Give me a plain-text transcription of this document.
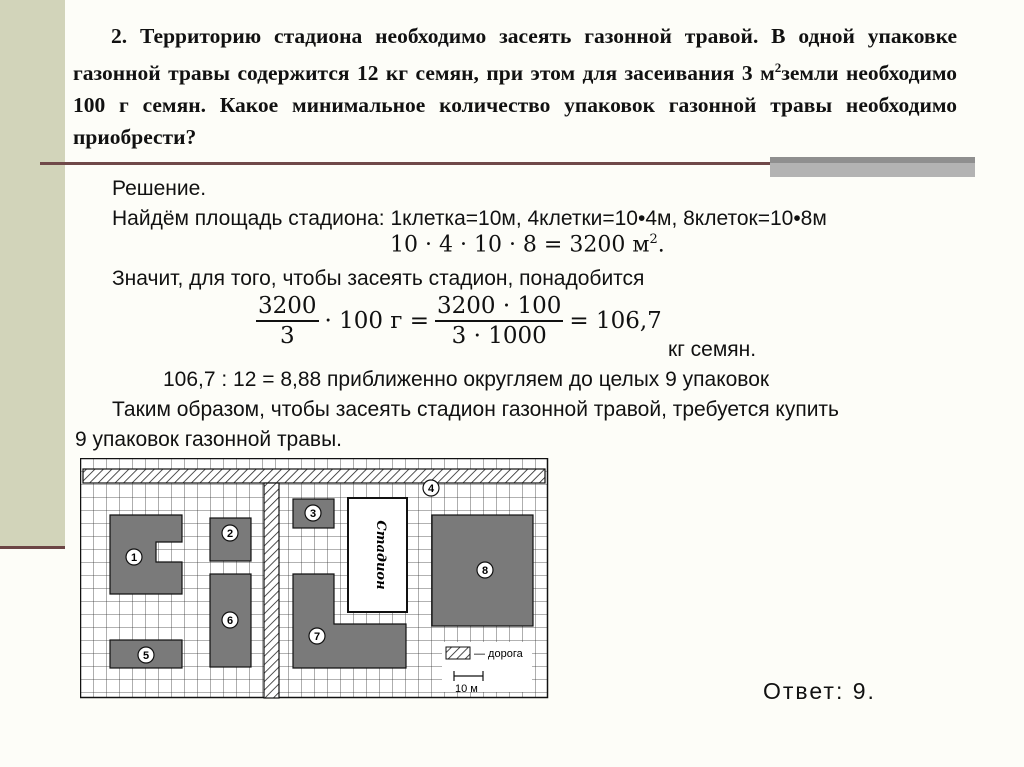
2. Территорию стадиона необходимо засеять газонной травой. В одной упаковке газонной травы содержится 12 кг семян, при этом для засеивания 3 $м^2земли$ необходимо 100 г семян. Какое минимальное количество упаковок газонной травы необходимо приобрести?
Решение.
Найдём площадь стадиона: 1клетка=10м, 4клетки=10•4м, 8клеток=10•8м
10 · 4 · 10 · 8 = 3200 $м^2$.
Значит, для того, чтобы засеять стадион, понадобится
$\frac{3200}{3} \cdot 100$ $г = \frac{3200 \cdot 100}{3 \cdot 1000} = 106,7$
кг семян.
106,7 : 12 = 8,88 приближенно округляем до целых 9 упаковок
Таким образом, чтобы засеять стадион газонной травой, требуется купить
9 упаковок газонной травы.
Стадион
1
2
3
4
5
6
7
8
— дорога
10 м	Ответ: 9.
